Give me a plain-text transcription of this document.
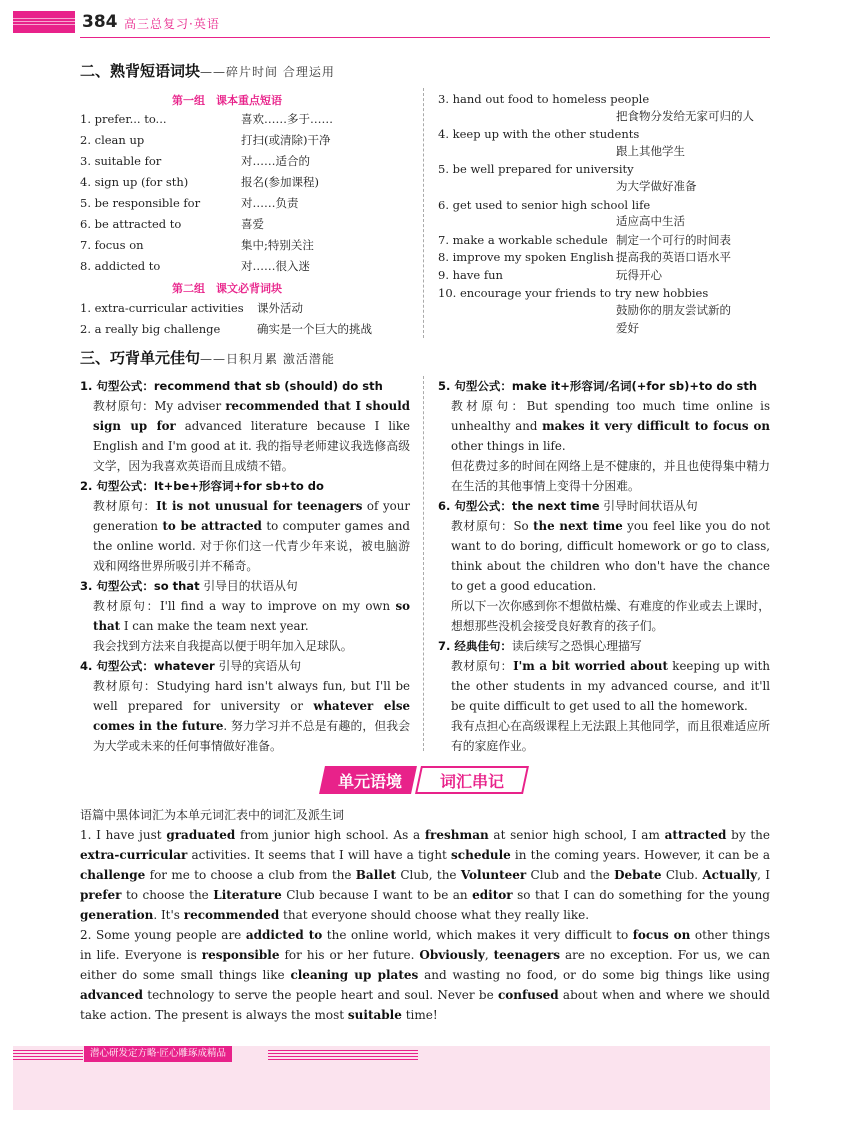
384 高三总复习·英语
二、熟背短语词块——碎片时间 合理运用
第一组　课本重点短语
1. prefer... to...	喜欢……多于……
2. clean up	打扫(或清除)干净
3. suitable for	对……适合的
4. sign up (for sth)	报名(参加课程)
5. be responsible for	对……负责
6. be attracted to	喜爱
7. focus on	集中;特别关注
8. addicted to	对……很入迷
第二组　课文必背词块
1. extra-curricular activities 课外活动
2. a really big challenge	确实是一个巨大的挑战
3. hand out food to homeless people
把食物分发给无家可归的人
4. keep up with the other students
跟上其他学生
5. be well prepared for university
为大学做好准备
6. get used to senior high school life
适应高中生活
7. make a workable schedule 制定一个可行的时间表
8. improve my spoken English 提高我的英语口语水平
9. have fun	玩得开心
10. encourage your friends to try new hobbies
鼓励你的朋友尝试新的
爱好
三、巧背单元佳句——日积月累 激活潜能
1. 句型公式：recommend that sb (should) do sth
教材原句：My adviser recommended that I should sign up for advanced literature because I like English and I'm good at it. 我的指导老师建议我选修高级文学，因为我喜欢英语而且成绩不错。
2. 句型公式：It+be+形容词+for sb+to do
教材原句：It is not unusual for teenagers of your generation to be attracted to computer games and the online world. 对于你们这一代青少年来说，被电脑游戏和网络世界所吸引并不稀奇。
3. 句型公式：so that 引导目的状语从句
教材原句：I'll find a way to improve on my own so that I can make the team next year.
我会找到方法来自我提高以便于明年加入足球队。
4. 句型公式：whatever 引导的宾语从句
教材原句：Studying hard isn't always fun, but I'll be well prepared for university or whatever else comes in the future. 努力学习并不总是有趣的，但我会为大学或未来的任何事情做好准备。
5. 句型公式：make it+形容词/名词(+for sb)+to do sth
教材原句：But spending too much time online is unhealthy and makes it very difficult to focus on other things in life.
但花费过多的时间在网络上是不健康的，并且也使得集中精力在生活的其他事情上变得十分困难。
6. 句型公式：the next time 引导时间状语从句
教材原句：So the next time you feel like you do not want to do boring, difficult homework or go to class, think about the children who don't have the chance to get a good education.
所以下一次你感到你不想做枯燥、有难度的作业或去上课时，想想那些没机会接受良好教育的孩子们。
7. 经典佳句：读后续写之恐惧心理描写
教材原句：I'm a bit worried about keeping up with the other students in my advanced course, and it'll be quite difficult to get used to all the homework.
我有点担心在高级课程上无法跟上其他同学，而且很难适应所有的家庭作业。
单元语境	词汇串记
语篇中黑体词汇为本单元词汇表中的词汇及派生词
1. I have just graduated from junior high school. As a freshman at senior high school, I am attracted by the extra-curricular activities. It seems that I will have a tight schedule in the coming years. However, it can be a challenge for me to choose a club from the Ballet Club, the Volunteer Club and the Debate Club. Actually, I prefer to choose the Literature Club because I want to be an editor so that I can do something for the young generation. It's recommended that everyone should choose what they really like.
2. Some young people are addicted to the online world, which makes it very difficult to focus on other things in life. Everyone is responsible for his or her future. Obviously, teenagers are no exception. For us, we can either do some small things like cleaning up plates and wasting no food, or do some big things like using advanced technology to serve the people heart and soul. Never be confused about when and where we should take action. The present is always the most suitable time!
潜心研发定方略·匠心雕琢成精品
